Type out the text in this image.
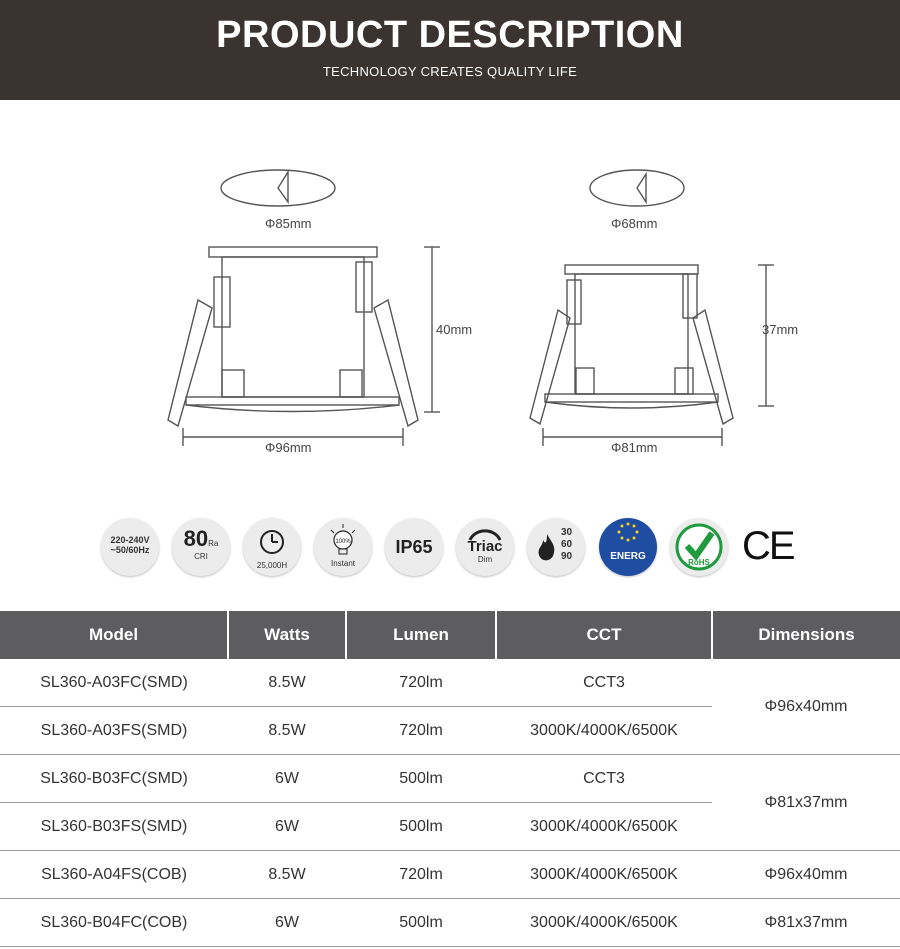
PRODUCT DESCRIPTION
TECHNOLOGY CREATES QUALITY LIFE
Φ85mm
40mm
Φ96mm
Φ68mm
37mm
Φ81mm
220-240V
~50/60Hz	80Ra
CRI
25,000H
100%
Instant
IP65	Triac
Dim
30
60
90	ENERG
RoHS CE
Model	Watts	Lumen	CCT	Dimensions
SL360-A03FC(SMD)	8.5W	720lm	CCT3	Φ96x40mm
SL360-A03FS(SMD)	8.5W	720lm	3000K/4000K/6500K	
SL360-B03FC(SMD)	6W	500lm	CCT3	Φ81x37mm
SL360-B03FS(SMD)	6W	500lm	3000K/4000K/6500K	
SL360-A04FS(COB)	8.5W	720lm	3000K/4000K/6500K	Φ96x40mm
SL360-B04FC(COB)	6W	500lm	3000K/4000K/6500K	Φ81x37mm
